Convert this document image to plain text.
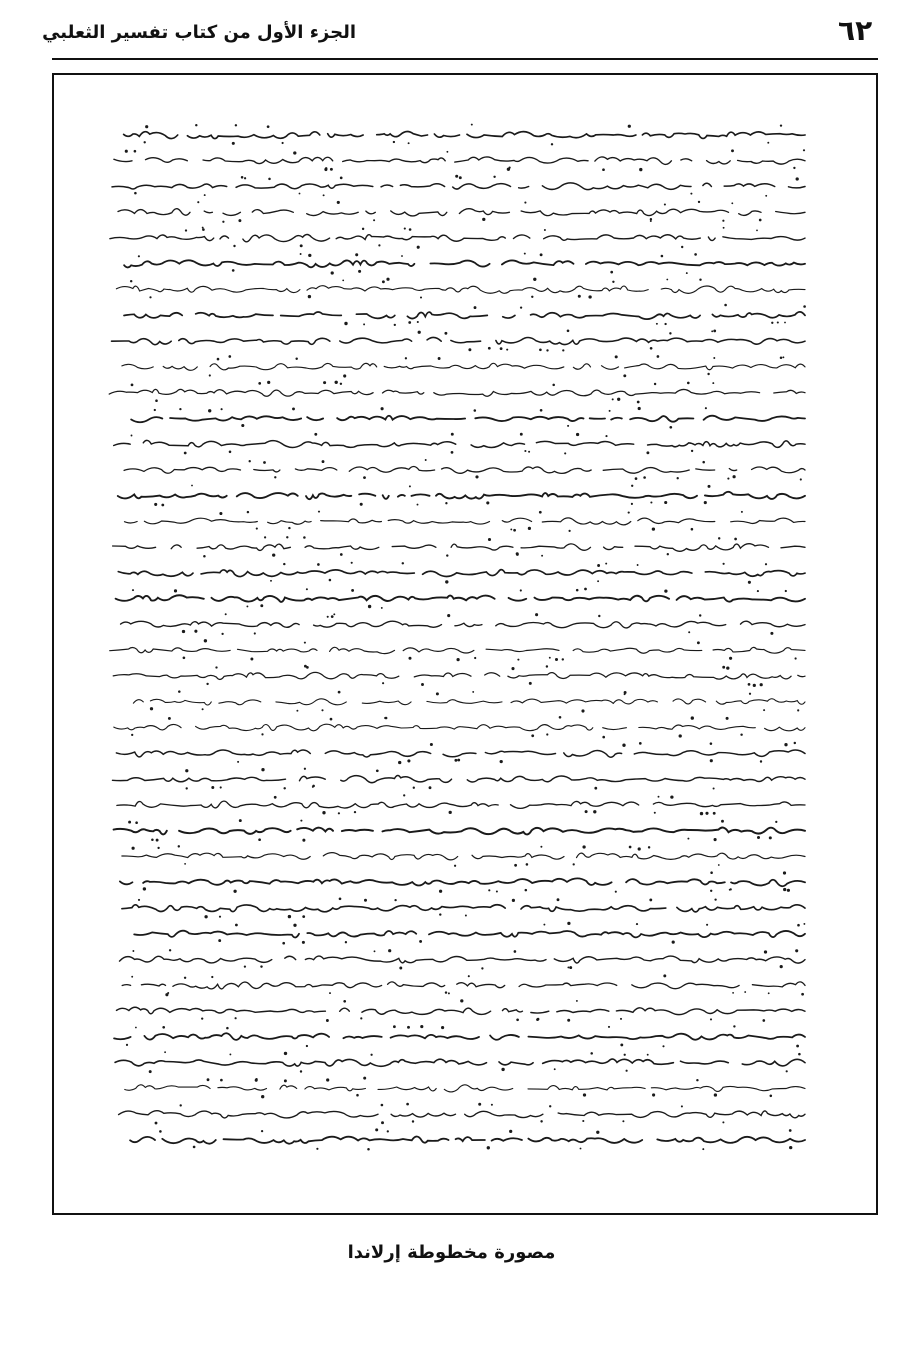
٦٢
الجزء الأول من كتاب تفسير الثعلبي
مصورة مخطوطة إرلاندا
